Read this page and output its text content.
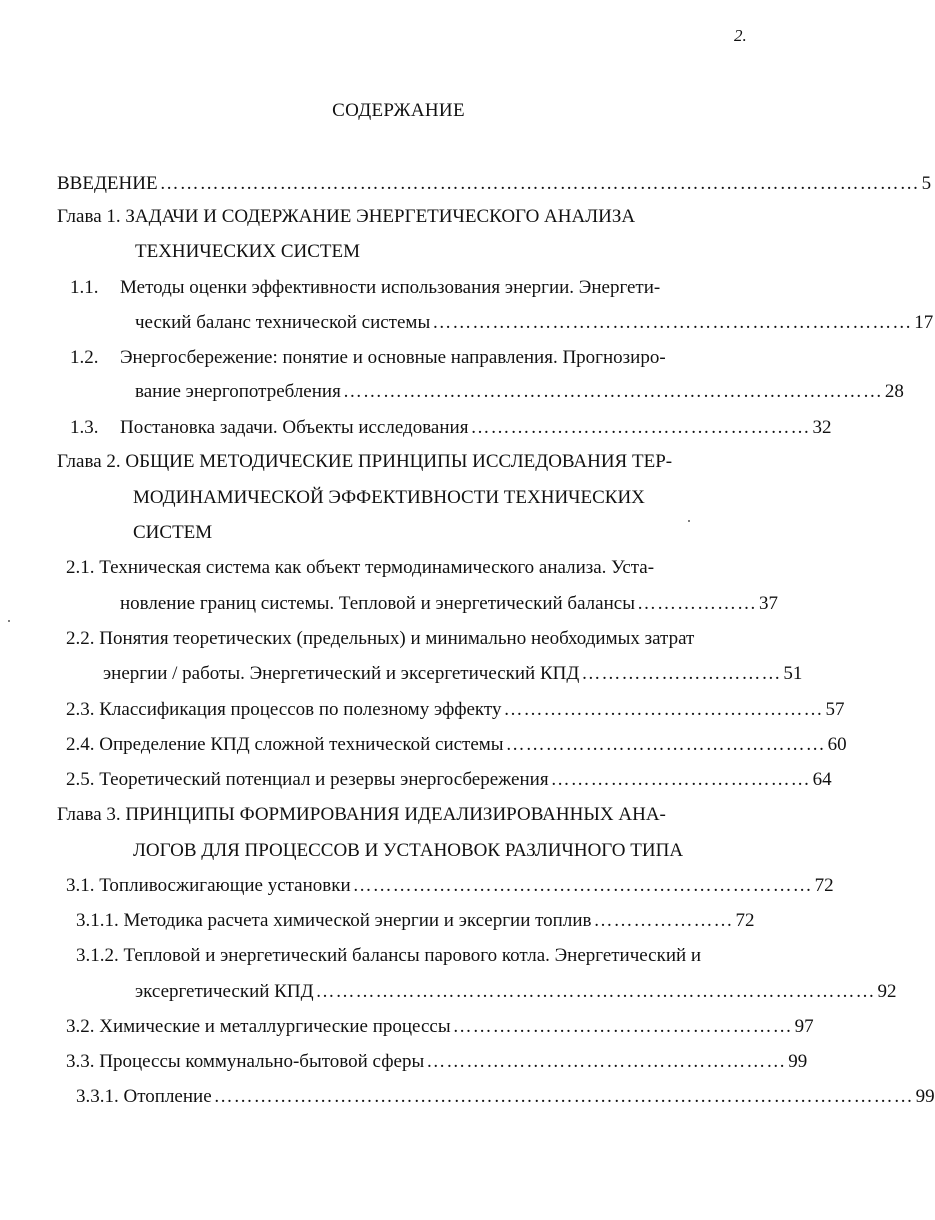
2.
СОДЕРЖАНИЕ
ВВЕДЕНИЕ …………………………………………………………………………………………………… 5
Глава 1. ЗАДАЧИ И СОДЕРЖАНИЕ ЭНЕРГЕТИЧЕСКОГО АНАЛИЗА
ТЕХНИЧЕСКИХ СИСТЕМ
1.1. Методы оценки эффективности использования энергии. Энергети-
ческий баланс технической системы ……………………………………………………………… 17
1.2. Энергосбережение: понятие и основные направления. Прогнозиро-
вание энергопотребления ……………………………………………………………………… 28
1.3. Постановка задачи. Объекты исследования …………………………………………… 32
Глава 2. ОБЩИЕ МЕТОДИЧЕСКИЕ ПРИНЦИПЫ ИССЛЕДОВАНИЯ ТЕР-
МОДИНАМИЧЕСКОЙ ЭФФЕКТИВНОСТИ ТЕХНИЧЕСКИХ
СИСТЕМ
2.1. Техническая система как объект термодинамического анализа. Уста-
новление границ системы. Тепловой и энергетический балансы ……………… 37
2.2. Понятия теоретических (предельных) и минимально необходимых затрат
энергии / работы. Энергетический и эксергетический КПД ………………………… 51
2.3. Классификация процессов по полезному эффекту ………………………………………… 57
2.4. Определение КПД сложной технической системы ………………………………………… 60
2.5. Теоретический потенциал и резервы энергосбережения ………………………………… 64
Глава 3. ПРИНЦИПЫ ФОРМИРОВАНИЯ ИДЕАЛИЗИРОВАННЫХ АНА-
ЛОГОВ ДЛЯ ПРОЦЕССОВ И УСТАНОВОК РАЗЛИЧНОГО ТИПА
3.1. Топливосжигающие установки …………………………………………………………… 72
3.1.1. Методика расчета химической энергии и эксергии топлив ………………… 72
3.1.2. Тепловой и энергетический балансы парового котла. Энергетический и
эксергетический КПД ………………………………………………………………………… 92
3.2. Химические и металлургические процессы …………………………………………… 97
3.3. Процессы коммунально-бытовой сферы ……………………………………………… 99
3.3.1. Отопление …………………………………………………………………………………………… 99
